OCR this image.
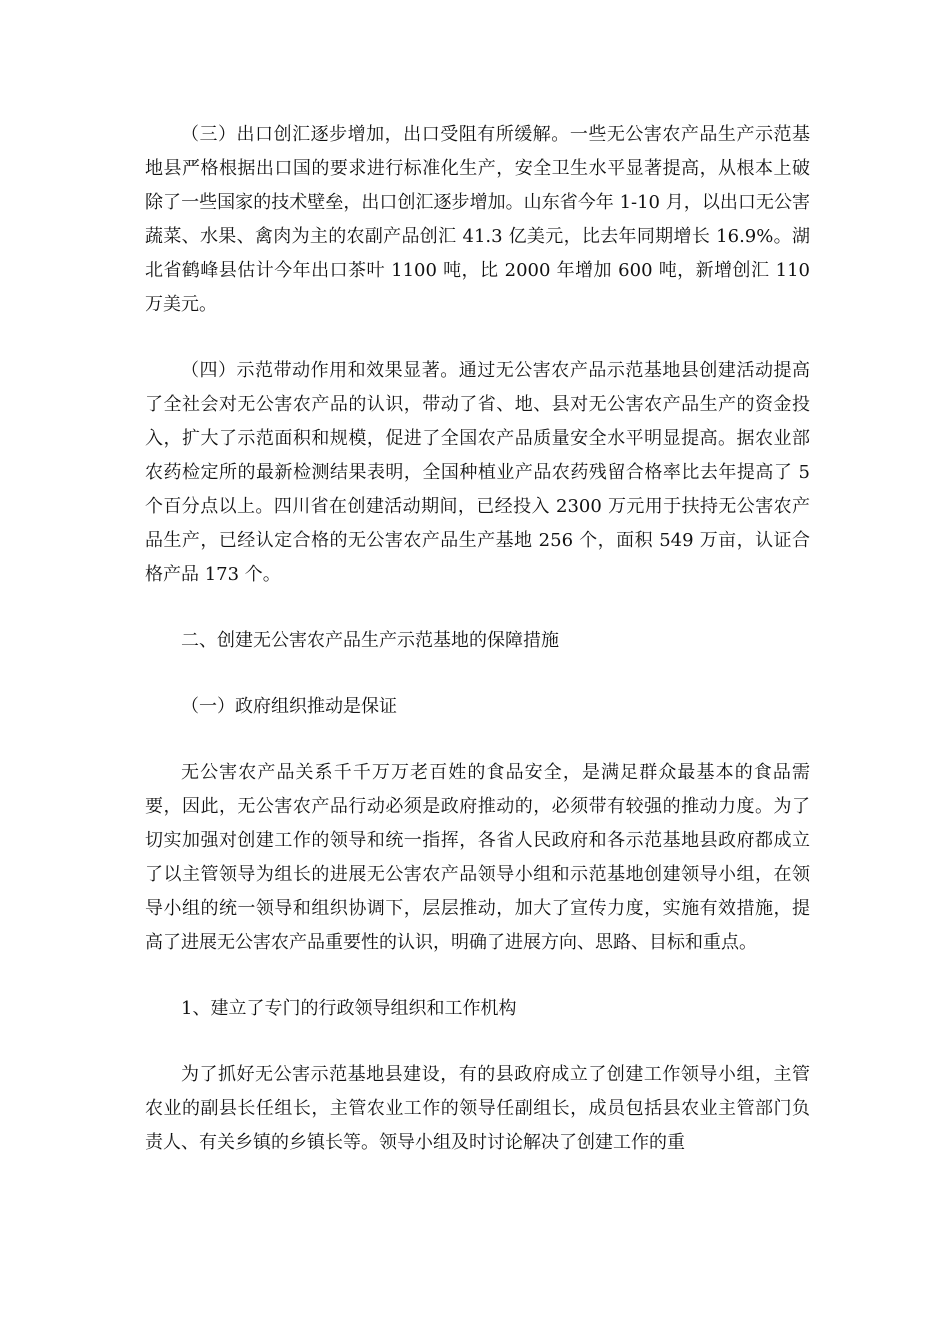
（三）出口创汇逐步增加，出口受阻有所缓解。一些无公害农产品生产示范基地县严格根据出口国的要求进行标准化生产，安全卫生水平显著提高，从根本上破除了一些国家的技术壁垒，出口创汇逐步增加。山东省今年 1-10 月，以出口无公害蔬菜、水果、禽肉为主的农副产品创汇 41.3 亿美元，比去年同期增长 16.9%。湖北省鹤峰县估计今年出口茶叶 1100 吨，比 2000 年增加 600 吨，新增创汇 110 万美元。

（四）示范带动作用和效果显著。通过无公害农产品示范基地县创建活动提高了全社会对无公害农产品的认识，带动了省、地、县对无公害农产品生产的资金投入，扩大了示范面积和规模，促进了全国农产品质量安全水平明显提高。据农业部农药检定所的最新检测结果表明，全国种植业产品农药残留合格率比去年提高了 5 个百分点以上。四川省在创建活动期间，已经投入 2300 万元用于扶持无公害农产品生产，已经认定合格的无公害农产品生产基地 256 个，面积 549 万亩，认证合格产品 173 个。

二、创建无公害农产品生产示范基地的保障措施

（一）政府组织推动是保证

无公害农产品关系千千万万老百姓的食品安全，是满足群众最基本的食品需要，因此，无公害农产品行动必须是政府推动的，必须带有较强的推动力度。为了切实加强对创建工作的领导和统一指挥，各省人民政府和各示范基地县政府都成立了以主管领导为组长的进展无公害农产品领导小组和示范基地创建领导小组，在领导小组的统一领导和组织协调下，层层推动，加大了宣传力度，实施有效措施，提高了进展无公害农产品重要性的认识，明确了进展方向、思路、目标和重点。

1、建立了专门的行政领导组织和工作机构

为了抓好无公害示范基地县建设，有的县政府成立了创建工作领导小组，主管农业的副县长任组长，主管农业工作的领导任副组长，成员包括县农业主管部门负责人、有关乡镇的乡镇长等。领导小组及时讨论解决了创建工作的重
